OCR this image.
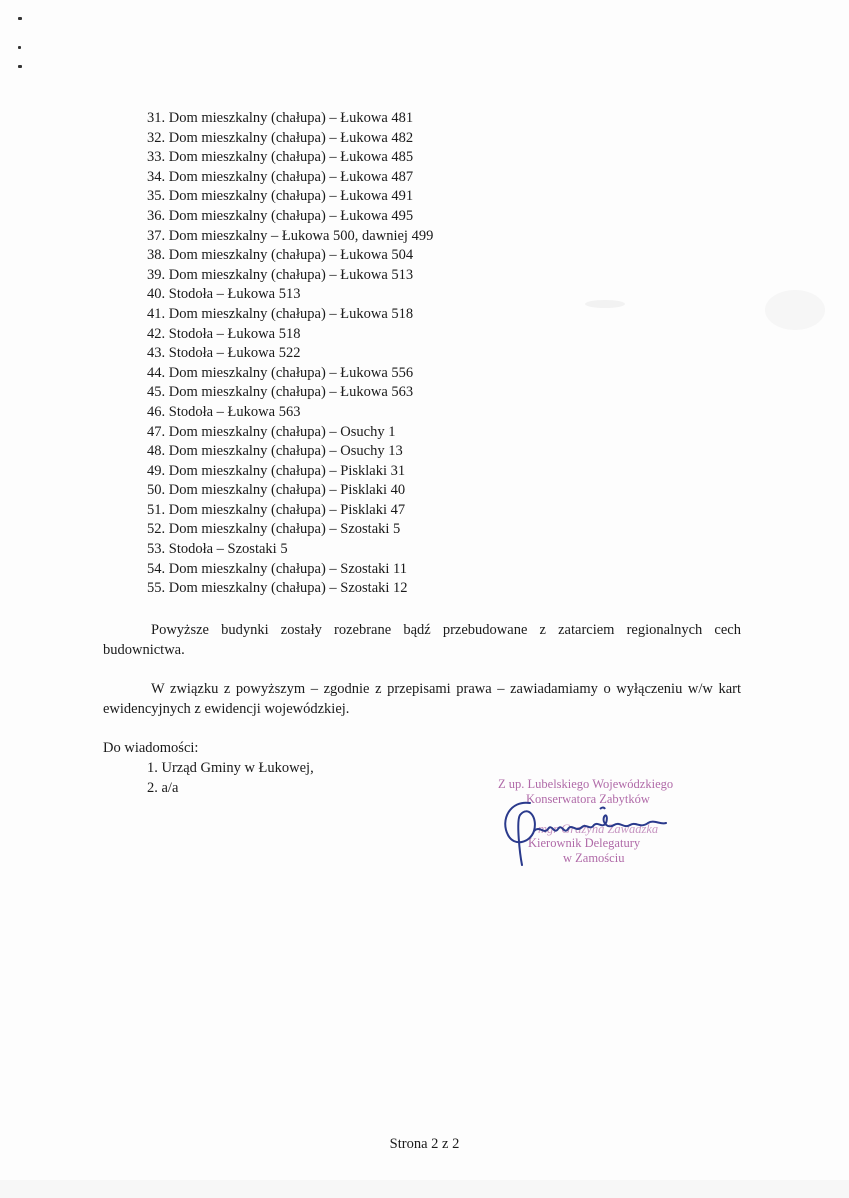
31. Dom mieszkalny (chałupa) – Łukowa 481
32. Dom mieszkalny (chałupa) – Łukowa 482
33. Dom mieszkalny (chałupa) – Łukowa 485
34. Dom mieszkalny (chałupa) – Łukowa 487
35. Dom mieszkalny (chałupa) – Łukowa 491
36. Dom mieszkalny (chałupa) – Łukowa 495
37. Dom mieszkalny – Łukowa 500, dawniej 499
38. Dom mieszkalny (chałupa) – Łukowa 504
39. Dom mieszkalny (chałupa) – Łukowa 513
40. Stodoła – Łukowa 513
41. Dom mieszkalny (chałupa) – Łukowa 518
42. Stodoła – Łukowa 518
43. Stodoła – Łukowa 522
44. Dom mieszkalny (chałupa) – Łukowa 556
45. Dom mieszkalny (chałupa) – Łukowa 563
46. Stodoła – Łukowa 563
47. Dom mieszkalny (chałupa) – Osuchy 1
48. Dom mieszkalny (chałupa) – Osuchy 13
49. Dom mieszkalny (chałupa) – Pisklaki 31
50. Dom mieszkalny (chałupa) – Pisklaki 40
51. Dom mieszkalny (chałupa) – Pisklaki 47
52. Dom mieszkalny (chałupa) – Szostaki 5
53. Stodoła – Szostaki 5
54. Dom mieszkalny (chałupa) – Szostaki 11
55. Dom mieszkalny (chałupa) – Szostaki 12

Powyższe budynki zostały rozebrane bądź przebudowane z zatarciem regionalnych cech budownictwa.

W związku z powyższym – zgodnie z przepisami prawa – zawiadamiamy o wyłączeniu w/w kart ewidencyjnych z ewidencji wojewódzkiej.

Do wiadomości:
1. Urząd Gminy w Łukowej,
2. a/a	Z up. Lubelskiego Wojewódzkiego
Konserwatora Zabytków
mgr Grażyna Zawadzka
Kierownik Delegatury
w Zamościu
Strona 2 z 2
